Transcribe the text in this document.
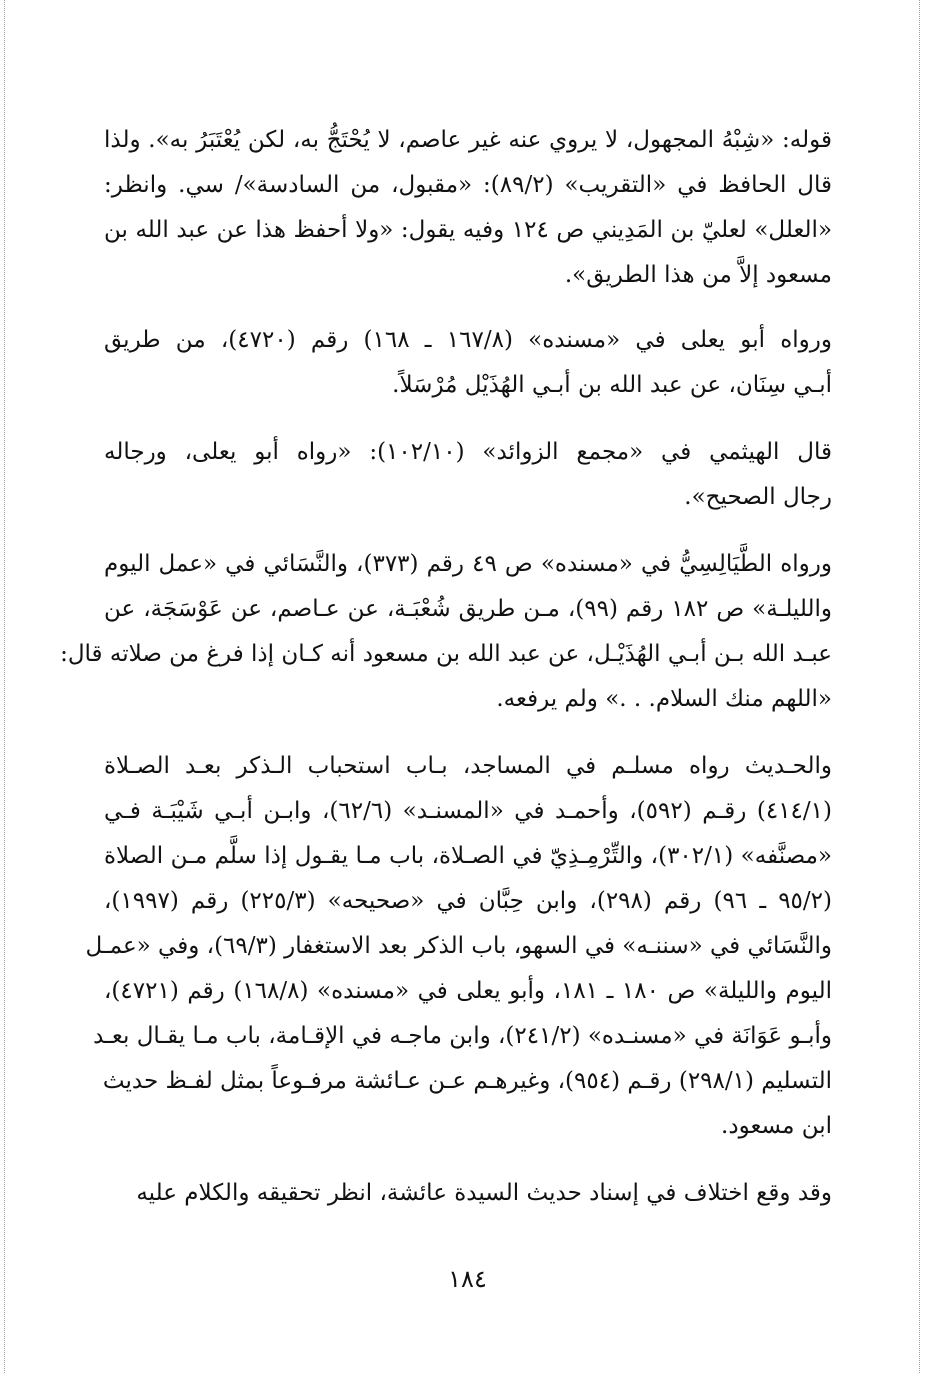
قوله: «شِبْهُ المجهول، لا يروي عنه غير عاصم، لا يُحْتَجُّ به، لكن يُعْتَبَرُ به». ولذا
قال الحافظ في «التقريب» (٨٩/٢): «مقبول، من السادسة»/ سي. وانظر:
«العلل» لعليّ بن المَدِيني ص ١٢٤ وفيه يقول: «ولا أحفظ هذا عن عبد الله بن
مسعود إلاَّ من هذا الطريق».
ورواه أبو يعلى في «مسنده» (١٦٧/٨ ـ ١٦٨) رقم (٤٧٢٠)، من طريق
أبـي سِنَان، عن عبد الله بن أبـي الهُذَيْل مُرْسَلاً.
قال الهيثمي في «مجمع الزوائد» (١٠٢/١٠): «رواه أبو يعلى، ورجاله
رجال الصحيح».
ورواه الطَّيَالِسِيُّ في «مسنده» ص ٤٩ رقم (٣٧٣)، والنَّسَائي في «عمل اليوم
والليلـة» ص ١٨٢ رقم (٩٩)، مـن طريق شُعْبَـة، عن عـاصم، عن عَوْسَجَة، عن
عبـد الله بـن أبـي الهُذَيْـل، عن عبد الله بن مسعود أنه كـان إذا فرغ من صلاته قال:
«اللهم منك السلام. . .» ولم يرفعه.
والحـديث رواه مسلـم في المساجد، بـاب استحباب الـذكر بعـد الصـلاة
(٤١٤/١) رقـم (٥٩٢)، وأحمـد في «المسنـد» (٦٢/٦)، وابـن أبـي شَيْبَـة فـي
«مصنَّفه» (٣٠٢/١)، والتِّرْمِـذِيّ في الصـلاة، باب مـا يقـول إذا سلَّم مـن الصلاة
(٩٥/٢ ـ ٩٦) رقم (٢٩٨)، وابن حِبَّان في «صحيحه» (٢٢٥/٣) رقم (١٩٩٧)،
والنَّسَائي في «سننـه» في السهو، باب الذكر بعد الاستغفار (٦٩/٣)، وفي «عمـل
اليوم والليلة» ص ١٨٠ ـ ١٨١، وأبو يعلى في «مسنده» (١٦٨/٨) رقم (٤٧٢١)،
وأبـو عَوَانَة في «مسنـده» (٢٤١/٢)، وابن ماجـه في الإقـامة، باب مـا يقـال بعـد
التسليم (٢٩٨/١) رقـم (٩٥٤)، وغيرهـم عـن عـائشة مرفـوعاً بمثل لفـظ حديث
ابن مسعود.
وقد وقع اختلاف في إسناد حديث السيدة عائشة، انظر تحقيقه والكلام عليه
١٨٤
